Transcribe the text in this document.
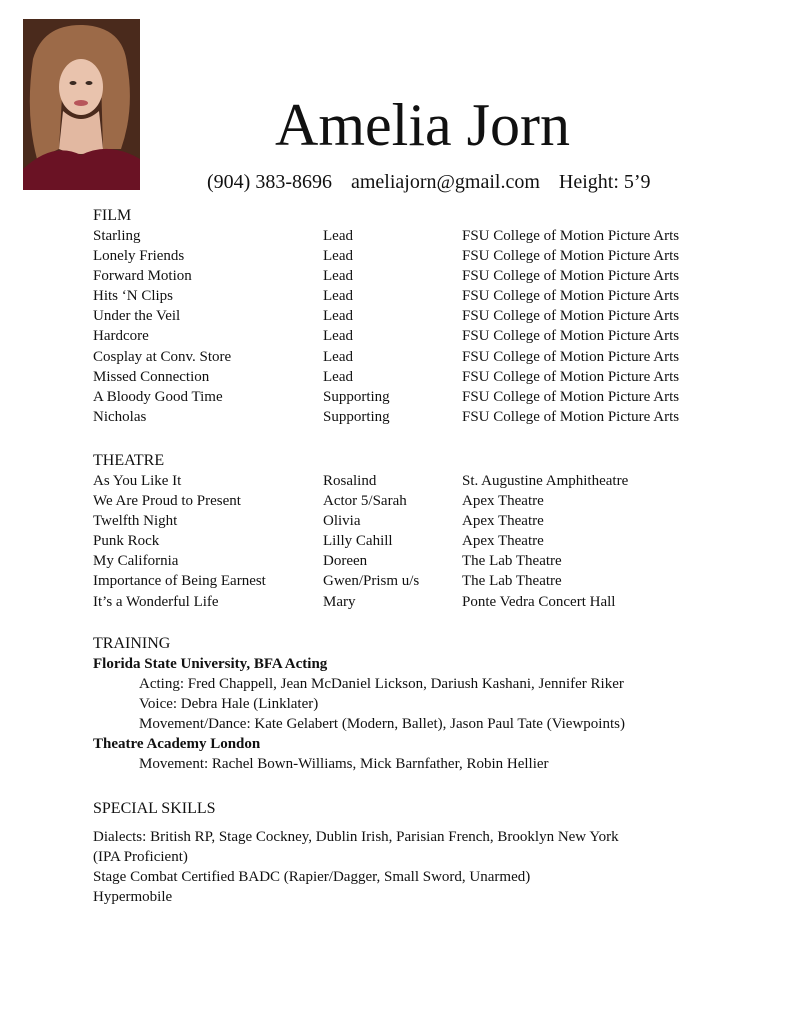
Amelia Jorn
(904) 383-8696 ameliajorn@gmail.com Height: 5’9
FILM
Starling	Lead	FSU College of Motion Picture Arts
Lonely Friends	Lead	FSU College of Motion Picture Arts
Forward Motion	Lead	FSU College of Motion Picture Arts
Hits ‘N Clips	Lead	FSU College of Motion Picture Arts
Under the Veil	Lead	FSU College of Motion Picture Arts
Hardcore	Lead	FSU College of Motion Picture Arts
Cosplay at Conv. Store	Lead	FSU College of Motion Picture Arts
Missed Connection	Lead	FSU College of Motion Picture Arts
A Bloody Good Time	Supporting	FSU College of Motion Picture Arts
Nicholas	Supporting	FSU College of Motion Picture Arts
THEATRE
As You Like It	Rosalind	St. Augustine Amphitheatre
We Are Proud to Present	Actor 5/Sarah	Apex Theatre
Twelfth Night	Olivia	Apex Theatre
Punk Rock	Lilly Cahill	Apex Theatre
My California	Doreen	The Lab Theatre
Importance of Being Earnest	Gwen/Prism u/s	The Lab Theatre
It’s a Wonderful Life	Mary	Ponte Vedra Concert Hall
TRAINING
Florida State University, BFA Acting
Acting: Fred Chappell, Jean McDaniel Lickson, Dariush Kashani, Jennifer Riker
Voice: Debra Hale (Linklater)
Movement/Dance: Kate Gelabert (Modern, Ballet), Jason Paul Tate (Viewpoints)
Theatre Academy London
Movement: Rachel Bown-Williams, Mick Barnfather, Robin Hellier
SPECIAL SKILLS
Dialects: British RP, Stage Cockney, Dublin Irish, Parisian French, Brooklyn New York
(IPA Proficient)
Stage Combat Certified BADC (Rapier/Dagger, Small Sword, Unarmed)
Hypermobile
